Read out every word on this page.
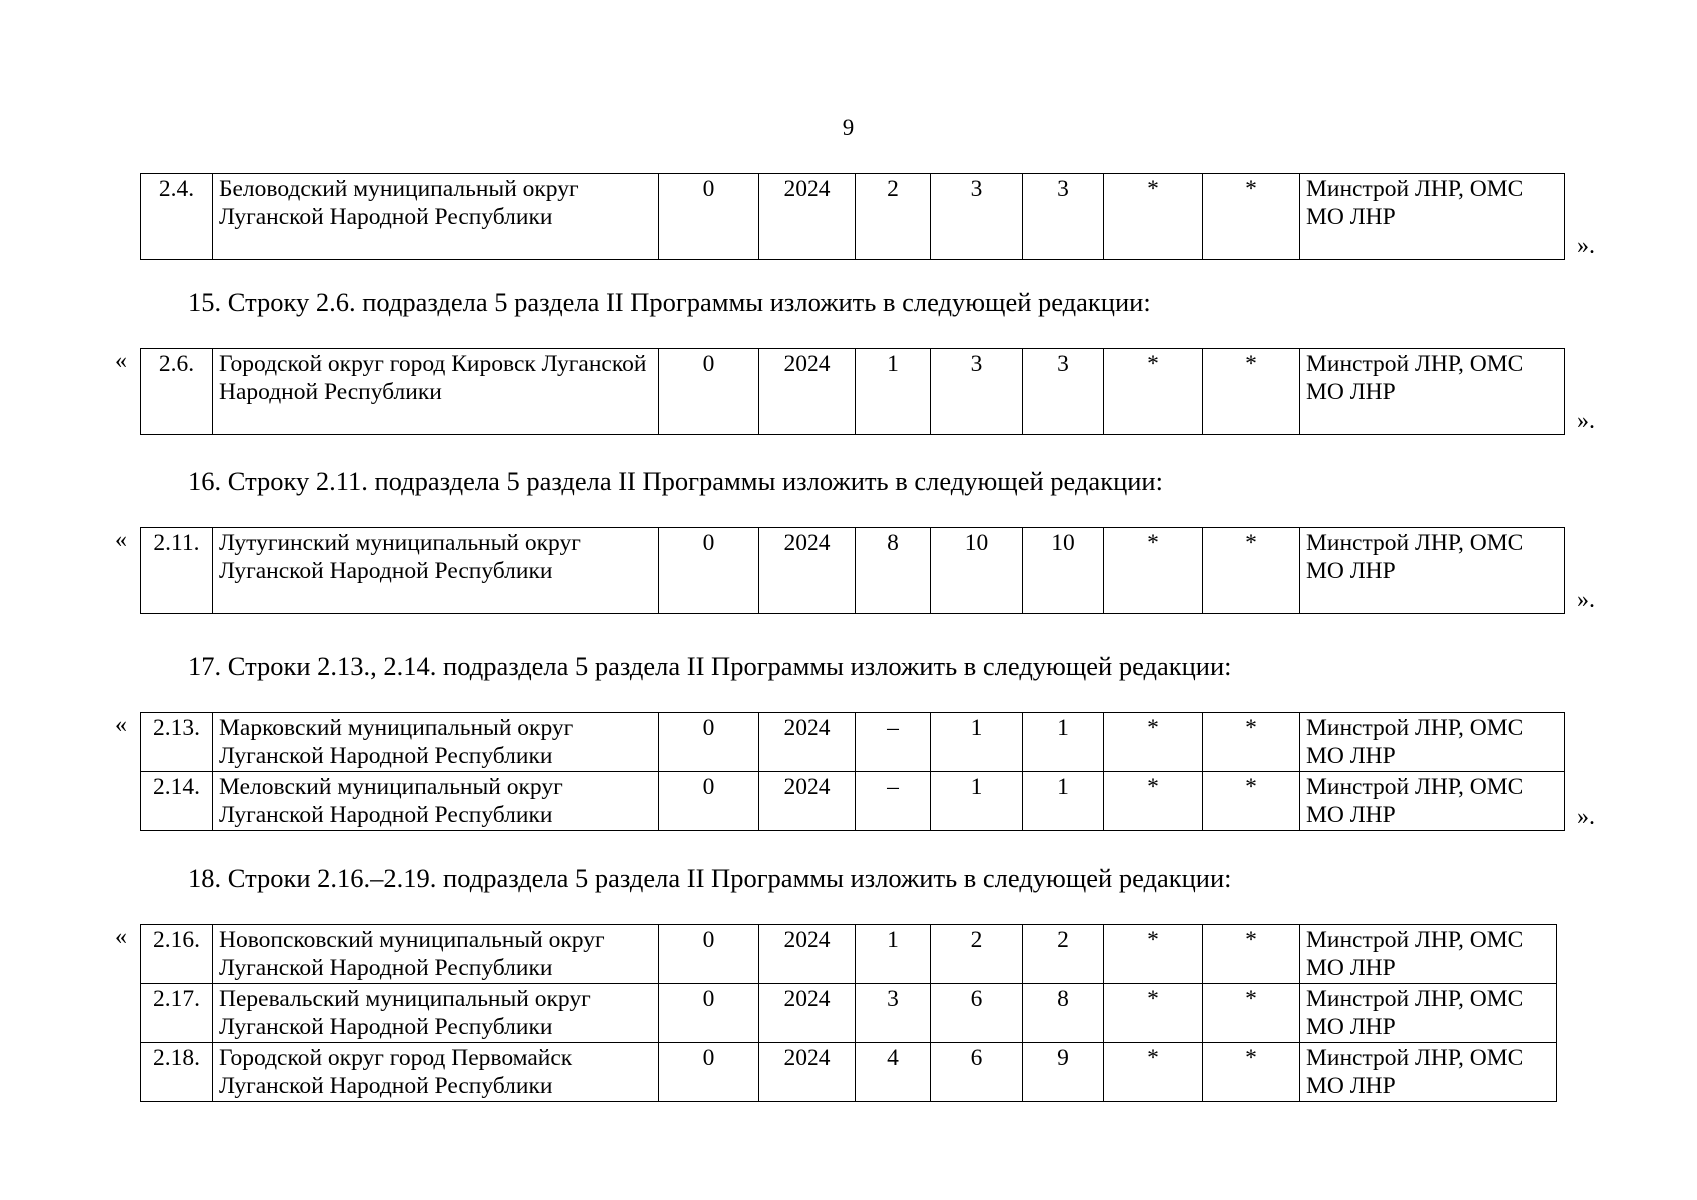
9
2.4.	Беловодский муниципальный округ Луганской Народной Республики	0	2024	2	3	3	*	*	Минстрой ЛНР, ОМС МО ЛНР
».
15. Строку 2.6. подраздела 5 раздела II Программы изложить в следующей редакции:
« 2.6.	Городской округ город Кировск Луганской Народной Республики	0	2024	1	3	3	*	*	Минстрой ЛНР, ОМС МО ЛНР
».
16. Строку 2.11. подраздела 5 раздела II Программы изложить в следующей редакции:
« 2.11.	Лутугинский муниципальный округ Луганской Народной Республики	0	2024	8	10	10	*	*	Минстрой ЛНР, ОМС МО ЛНР
».
17. Строки 2.13., 2.14. подраздела 5 раздела II Программы изложить в следующей редакции:
« 2.13.	Марковский муниципальный округ Луганской Народной Республики	0	2024	–	1	1	*	*	Минстрой ЛНР, ОМС МО ЛНР
2.14.	Меловский муниципальный округ Луганской Народной Республики	0	2024	–	1	1	*	*	Минстрой ЛНР, ОМС МО ЛНР	».
18. Строки 2.16.–2.19. подраздела 5 раздела II Программы изложить в следующей редакции:
« 2.16.	Новопсковский муниципальный округ Луганской Народной Республики	0	2024	1	2	2	*	*	Минстрой ЛНР, ОМС МО ЛНР
2.17.	Перевальский муниципальный округ Луганской Народной Республики	0	2024	3	6	8	*	*	Минстрой ЛНР, ОМС МО ЛНР
2.18.	Городской округ город Первомайск Луганской Народной Республики	0	2024	4	6	9	*	*	Минстрой ЛНР, ОМС МО ЛНР
